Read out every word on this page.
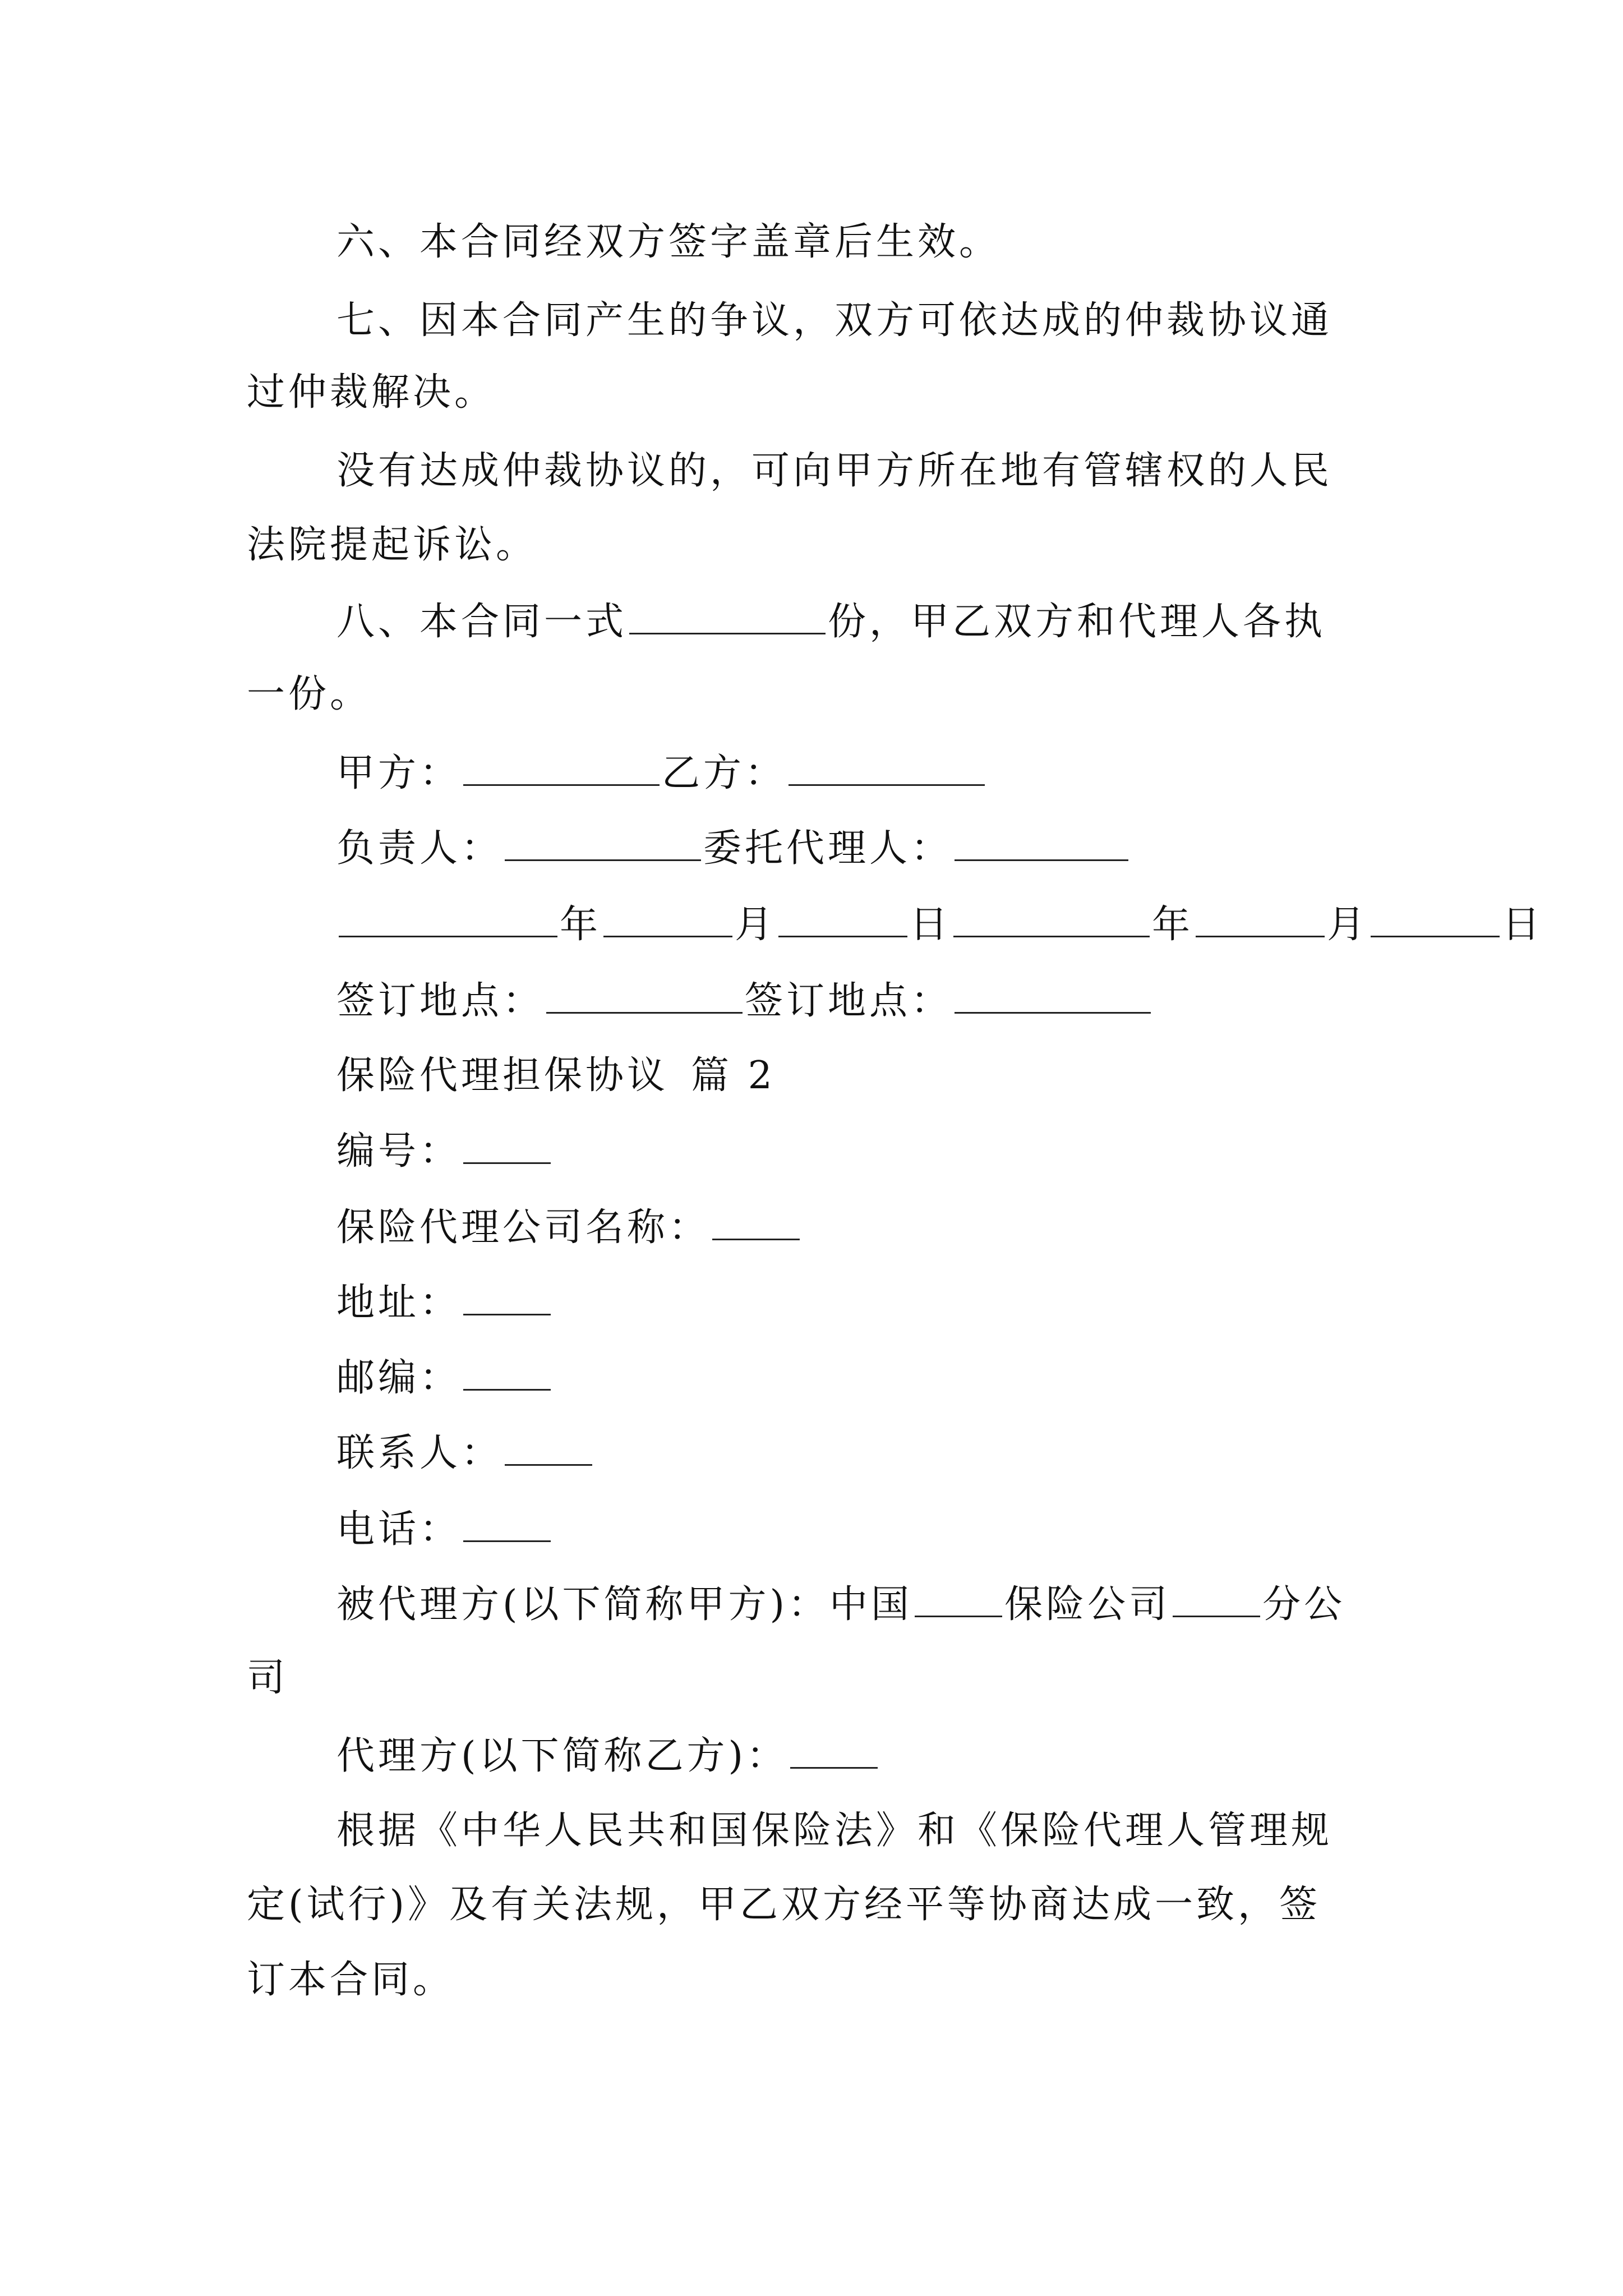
六、本合同经双方签字盖章后生效。
七、因本合同产生的争议，双方可依达成的仲裁协议通
过仲裁解决。
没有达成仲裁协议的，可向甲方所在地有管辖权的人民
法院提起诉讼。
八、本合同一式	份，甲乙双方和代理人各执
一份。
甲方：	乙方：
负责人：	委托代理人：
年	月	日	年	月	日
签订地点：	签订地点：
保险代理担保协议 篇 2
编号：
保险代理公司名称：
地址：
邮编：
联系人：
电话：
被代理方(以下简称甲方)：中国 保险公司 分公
司
代理方(以下简称乙方)：
根据《中华人民共和国保险法》和《保险代理人管理规
定(试行)》及有关法规，甲乙双方经平等协商达成一致，签
订本合同。
